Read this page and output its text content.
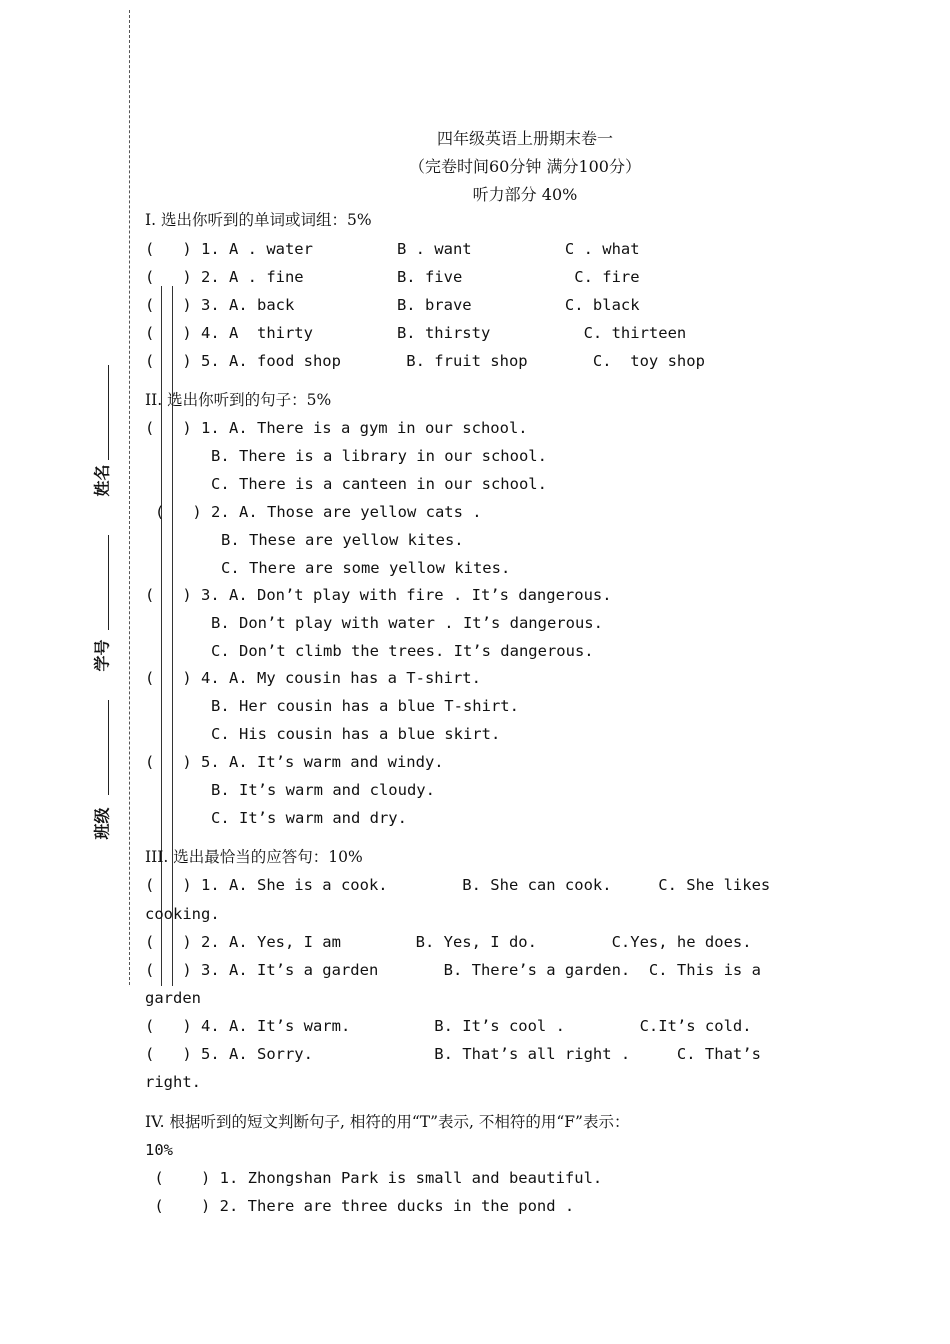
姓名
学号
班级
四年级英语上册期末卷一
（完卷时间60分钟 满分100分）
听力部分 40%
I. 选出你听到的单词或词组：5%
(   ) 1. A . water         B . want          C . what
(   ) 2. A . fine          B. five            C. fire
(   ) 3. A. back           B. brave          C. black
(   ) 4. A  thirty         B. thirsty          C. thirteen
(   ) 5. A. food shop       B. fruit shop       C.  toy shop
II. 选出你听到的句子：5%
(   ) 1. A. There is a gym in our school.
B. There is a library in our school.
C. There is a canteen in our school.
(   ) 2. A. Those are yellow cats .
B. These are yellow kites.
C. There are some yellow kites.
(   ) 3. A. Don’t play with fire . It’s dangerous.
B. Don’t play with water . It’s dangerous.
C. Don’t climb the trees. It’s dangerous.
(   ) 4. A. My cousin has a T-shirt.
B. Her cousin has a blue T-shirt.
C. His cousin has a blue skirt.
(   ) 5. A. It’s warm and windy.
B. It’s warm and cloudy.
C. It’s warm and dry.
III. 选出最恰当的应答句：10%
(   ) 1. A. She is a cook.        B. She can cook.     C. She likes
cooking.
(   ) 2. A. Yes, I am        B. Yes, I do.        C.Yes, he does.
(   ) 3. A. It’s a garden       B. There’s a garden.  C. This is a
garden
(   ) 4. A. It’s warm.         B. It’s cool .        C.It’s cold.
(   ) 5. A. Sorry.             B. That’s all right .     C. That’s
right.
IV. 根据听到的短文判断句子, 相符的用“T”表示, 不相符的用“F”表示：
10%
(    ) 1. Zhongshan Park is small and beautiful.
(    ) 2. There are three ducks in the pond .
